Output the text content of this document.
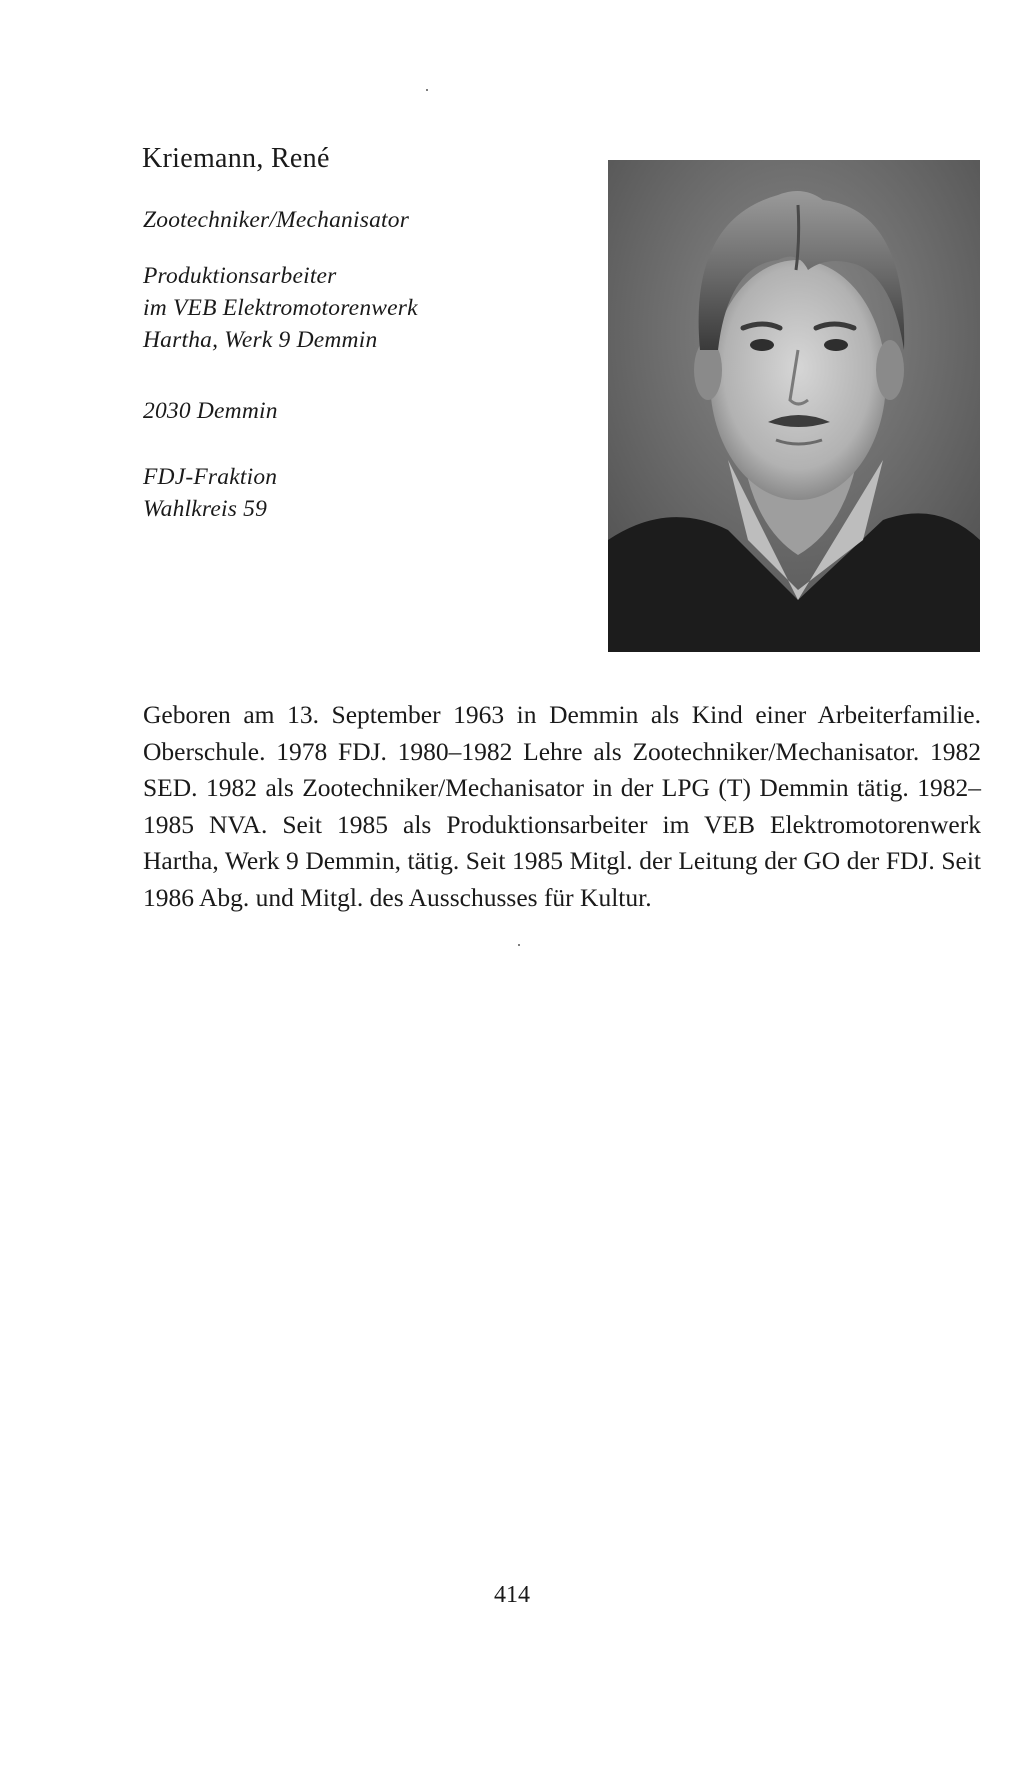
Kriemann, René
Zootechniker/Mechanisator
Produktionsarbeiter
im VEB Elektromotorenwerk
Hartha, Werk 9 Demmin
2030 Demmin
FDJ-Fraktion
Wahlkreis 59
Geboren am 13. September 1963 in Demmin als Kind einer Arbeiterfamilie. Oberschule. 1978 FDJ. 1980–1982 Lehre als Zootechniker/Mechanisator. 1982 SED. 1982 als Zootechniker/Mechanisator in der LPG (T) Demmin tätig. 1982–1985 NVA. Seit 1985 als Produktionsarbeiter im VEB Elektromotorenwerk Hartha, Werk 9 Demmin, tätig. Seit 1985 Mitgl. der Leitung der GO der FDJ. Seit 1986 Abg. und Mitgl. des Ausschusses für Kultur.
414
